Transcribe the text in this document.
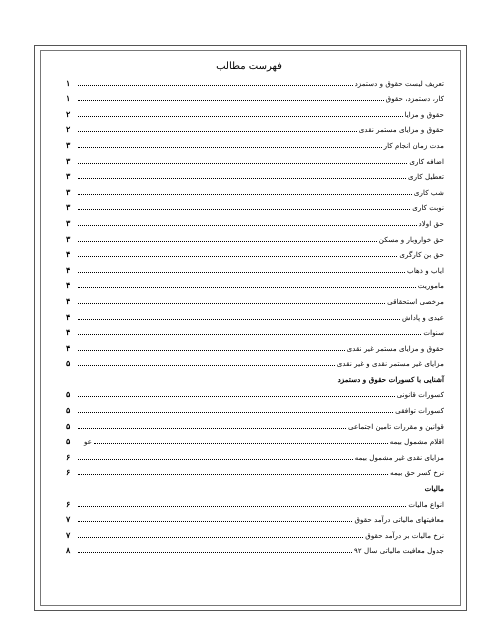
فهرست مطالب
تعریف لیست حقوق و دستمزد
۱
کار، دستمزد، حقوق
۱
حقوق و مزایا
۲
حقوق و مزایای مستمر نقدی
۲
مدت زمان انجام کار
۳
اضافه کاری
۳
تعطیل کاری
۳
شب کاری
۳
نوبت کاری
۳
حق اولاد
۳
حق خواروبار و مسکن
۳
حق بن کارگری
۴
ایاب و ذهاب
۴
ماموریت
۴
مرخصی استحقاقی
۴
عیدی و پاداش
۴
سنوات
۴
حقوق و مزایای مستمر غیر نقدی
۴
مزایای غیر مستمر نقدی و غیر نقدی
۵
آشنایی با کسورات حقوق و دستمزد
کسورات قانونی
۵
کسورات توافقی
۵
قوانین و مقررات تامین اجتماعی
۵
اقلام مشمول بیمه
عو
۵
مزایای نقدی غیر مشمول بیمه
۶
نرخ کسر حق بیمه
۶
مالیات
انواع مالیات
۶
معافیتهای مالیاتی درآمد حقوق
۷
نرخ مالیات بر درآمد حقوق
۷
جدول معافیت مالیاتی سال ۹۲
۸
